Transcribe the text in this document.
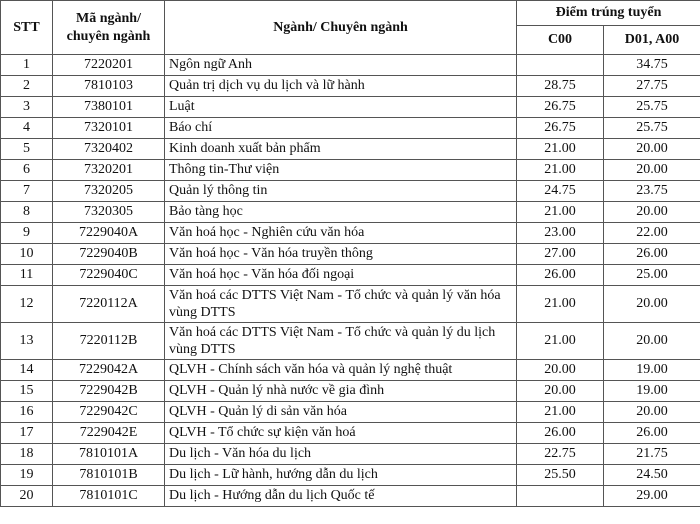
STT	Mã ngành/ chuyên ngành	Ngành/ Chuyên ngành	Điểm trúng tuyển	
			C00	D01, A00
1	7220201	Ngôn ngữ Anh		34.75
2	7810103	Quản trị dịch vụ du lịch và lữ hành	28.75	27.75
3	7380101	Luật	26.75	25.75
4	7320101	Báo chí	26.75	25.75
5	7320402	Kinh doanh xuất bản phẩm	21.00	20.00
6	7320201	Thông tin-Thư viện	21.00	20.00
7	7320205	Quản lý thông tin	24.75	23.75
8	7320305	Bảo tàng học	21.00	20.00
9	7229040A	Văn hoá học - Nghiên cứu văn hóa	23.00	22.00
10	7229040B	Văn hoá học - Văn hóa truyền thông	27.00	26.00
11	7229040C	Văn hoá học - Văn hóa đối ngoại	26.00	25.00
12	7220112A	Văn hoá các DTTS Việt Nam - Tổ chức và quản lý văn hóa vùng DTTS	21.00	20.00
13	7220112B	Văn hoá các DTTS Việt Nam - Tổ chức và quản lý du lịch vùng DTTS	21.00	20.00
14	7229042A	QLVH - Chính sách văn hóa và quản lý nghệ thuật	20.00	19.00
15	7229042B	QLVH - Quản lý nhà nước về gia đình	20.00	19.00
16	7229042C	QLVH - Quản lý di sản văn hóa	21.00	20.00
17	7229042E	QLVH - Tổ chức sự kiện văn hoá	26.00	26.00
18	7810101A	Du lịch - Văn hóa du lịch	22.75	21.75
19	7810101B	Du lịch - Lữ hành, hướng dẫn du lịch	25.50	24.50
20	7810101C	Du lịch - Hướng dẫn du lịch Quốc tế		29.00
